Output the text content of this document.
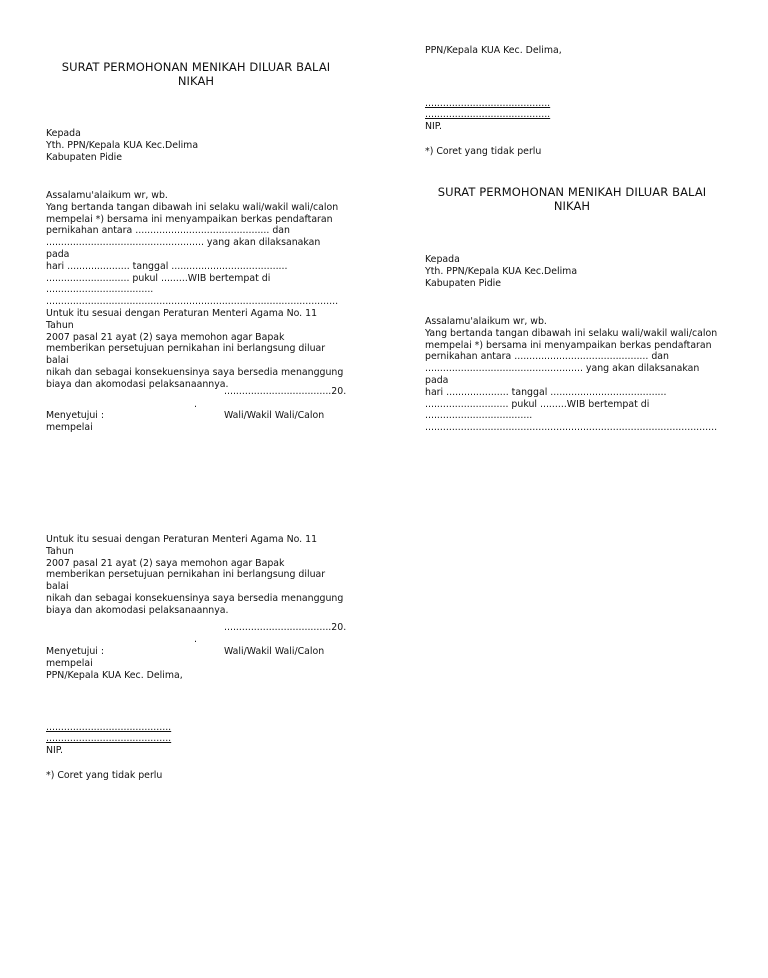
SURAT PERMOHONAN MENIKAH DILUAR BALAI
NIKAH
Kepada
Yth. PPN/Kepala KUA Kec.Delima
Kabupaten Pidie
Assalamu'alaikum wr, wb.
Yang bertanda tangan dibawah ini selaku wali/wakil wali/calon
mempelai *) bersama ini menyampaikan berkas pendaftaran
pernikahan antara ............................................. dan
..................................................... yang akan dilaksanakan pada
hari ..................... tanggal .......................................
............................ pukul .........WIB bertempat di
....................................
..................................................................................................
Untuk itu sesuai dengan Peraturan Menteri Agama No. 11 Tahun
2007 pasal 21 ayat (2) saya memohon agar Bapak
memberikan persetujuan pernikahan ini berlangsung diluar balai
nikah dan sebagai konsekuensinya saya bersedia menanggung
biaya dan akomodasi pelaksanaannya.
....................................20.
.
Menyetujui :	Wali/Wakil Wali/Calon
mempelai
Untuk itu sesuai dengan Peraturan Menteri Agama No. 11 Tahun
2007 pasal 21 ayat (2) saya memohon agar Bapak
memberikan persetujuan pernikahan ini berlangsung diluar balai
nikah dan sebagai konsekuensinya saya bersedia menanggung
biaya dan akomodasi pelaksanaannya.
....................................20.
.
Menyetujui :	Wali/Wakil Wali/Calon
mempelai
PPN/Kepala KUA Kec. Delima,
..........................................
..........................................
NIP.
*) Coret yang tidak perlu
PPN/Kepala KUA Kec. Delima,
..........................................
..........................................
NIP.
*) Coret yang tidak perlu
SURAT PERMOHONAN MENIKAH DILUAR BALAI
NIKAH
Kepada
Yth. PPN/Kepala KUA Kec.Delima
Kabupaten Pidie
Assalamu'alaikum wr, wb.
Yang bertanda tangan dibawah ini selaku wali/wakil wali/calon
mempelai *) bersama ini menyampaikan berkas pendaftaran
pernikahan antara ............................................. dan
..................................................... yang akan dilaksanakan pada
hari ..................... tanggal .......................................
............................ pukul .........WIB bertempat di
....................................
..................................................................................................
